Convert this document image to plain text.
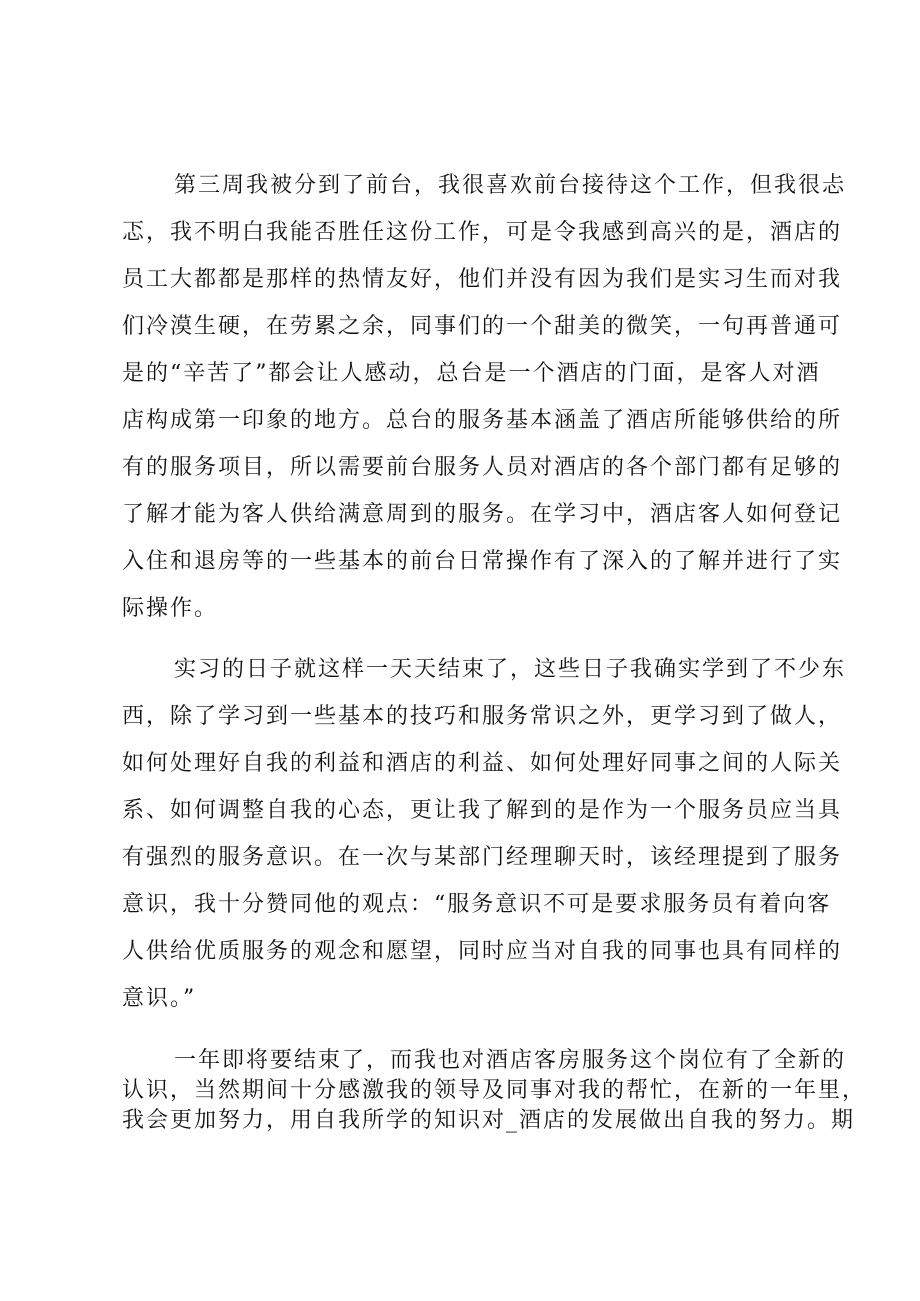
第三周我被分到了前台，我很喜欢前台接待这个工作，但我很忐
忑，我不明白我能否胜任这份工作，可是令我感到高兴的是，酒店的
员工大都都是那样的热情友好，他们并没有因为我们是实习生而对我
们冷漠生硬，在劳累之余，同事们的一个甜美的微笑，一句再普通可
是的“辛苦了”都会让人感动，总台是一个酒店的门面，是客人对酒
店构成第一印象的地方。总台的服务基本涵盖了酒店所能够供给的所
有的服务项目，所以需要前台服务人员对酒店的各个部门都有足够的
了解才能为客人供给满意周到的服务。在学习中，酒店客人如何登记
入住和退房等的一些基本的前台日常操作有了深入的了解并进行了实
际操作。
实习的日子就这样一天天结束了，这些日子我确实学到了不少东
西，除了学习到一些基本的技巧和服务常识之外，更学习到了做人，
如何处理好自我的利益和酒店的利益、如何处理好同事之间的人际关
系、如何调整自我的心态，更让我了解到的是作为一个服务员应当具
有强烈的服务意识。在一次与某部门经理聊天时，该经理提到了服务
意识，我十分赞同他的观点：“服务意识不可是要求服务员有着向客
人供给优质服务的观念和愿望，同时应当对自我的同事也具有同样的
意识。”
一年即将要结束了，而我也对酒店客房服务这个岗位有了全新的
认识，当然期间十分感激我的领导及同事对我的帮忙，在新的一年里，
我会更加努力，用自我所学的知识对_酒店的发展做出自我的努力。期
